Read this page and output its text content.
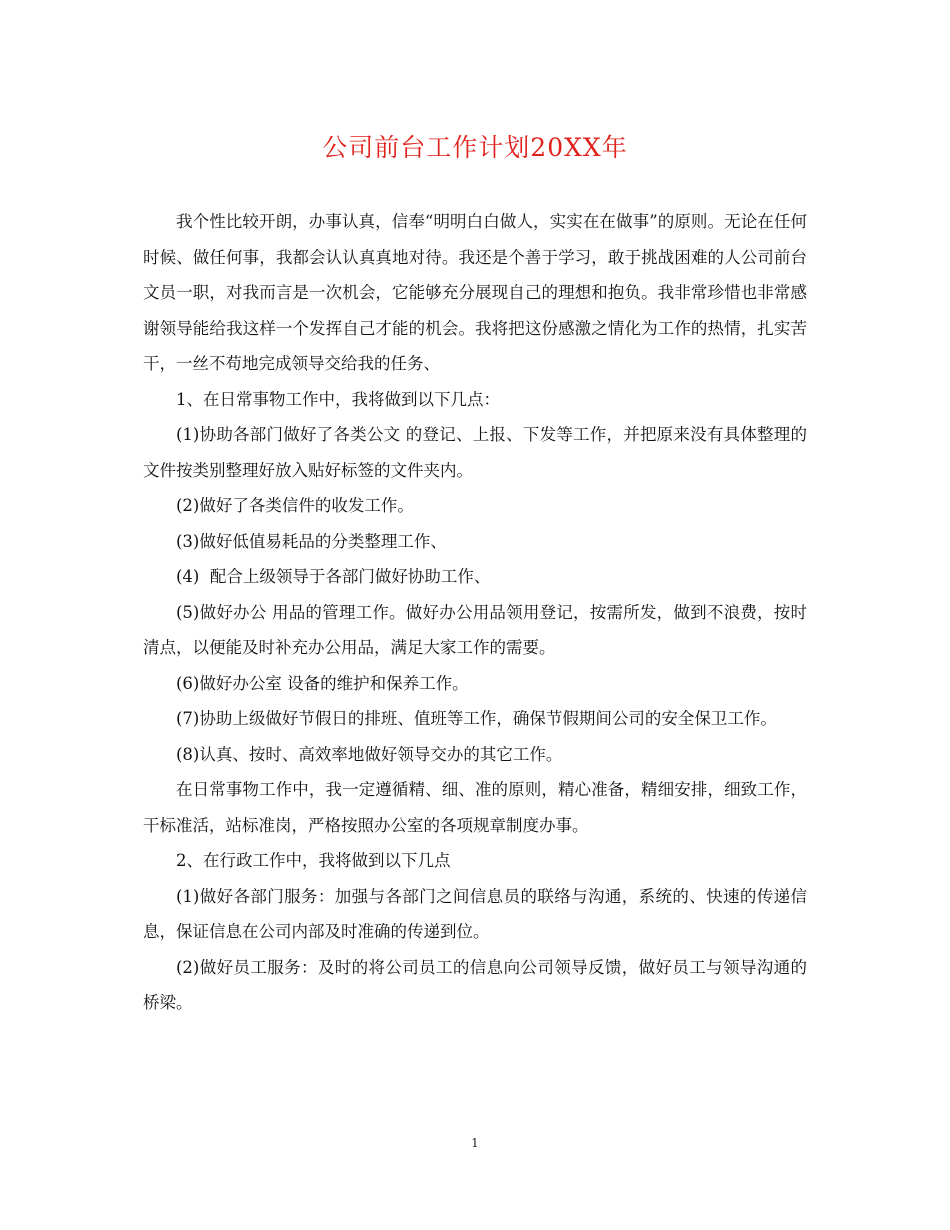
公司前台工作计划20XX年

我个性比较开朗，办事认真，信奉“明明白白做人，实实在在做事”的原则。无论在任何时候、做任何事，我都会认认真真地对待。我还是个善于学习，敢于挑战困难的人公司前台文员一职，对我而言是一次机会，它能够充分展现自己的理想和抱负。我非常珍惜也非常感谢领导能给我这样一个发挥自己才能的机会。我将把这份感激之情化为工作的热情，扎实苦干，一丝不苟地完成领导交给我的任务、

1、在日常事物工作中，我将做到以下几点：

(1)协助各部门做好了各类公文 的登记、上报、下发等工作，并把原来没有具体整理的文件按类别整理好放入贴好标签的文件夹内。

(2)做好了各类信件的收发工作。

(3)做好低值易耗品的分类整理工作、

(4)  配合上级领导于各部门做好协助工作、

(5)做好办公 用品的管理工作。做好办公用品领用登记，按需所发，做到不浪费，按时清点，以便能及时补充办公用品，满足大家工作的需要。

(6)做好办公室 设备的维护和保养工作。

(7)协助上级做好节假日的排班、值班等工作，确保节假期间公司的安全保卫工作。

(8)认真、按时、高效率地做好领导交办的其它工作。

在日常事物工作中，我一定遵循精、细、准的原则，精心准备，精细安排，细致工作，干标准活，站标准岗，严格按照办公室的各项规章制度办事。

2、在行政工作中，我将做到以下几点

(1)做好各部门服务：加强与各部门之间信息员的联络与沟通，系统的、快速的传递信息，保证信息在公司内部及时准确的传递到位。

(2)做好员工服务：及时的将公司员工的信息向公司领导反馈，做好员工与领导沟通的桥梁。

1
